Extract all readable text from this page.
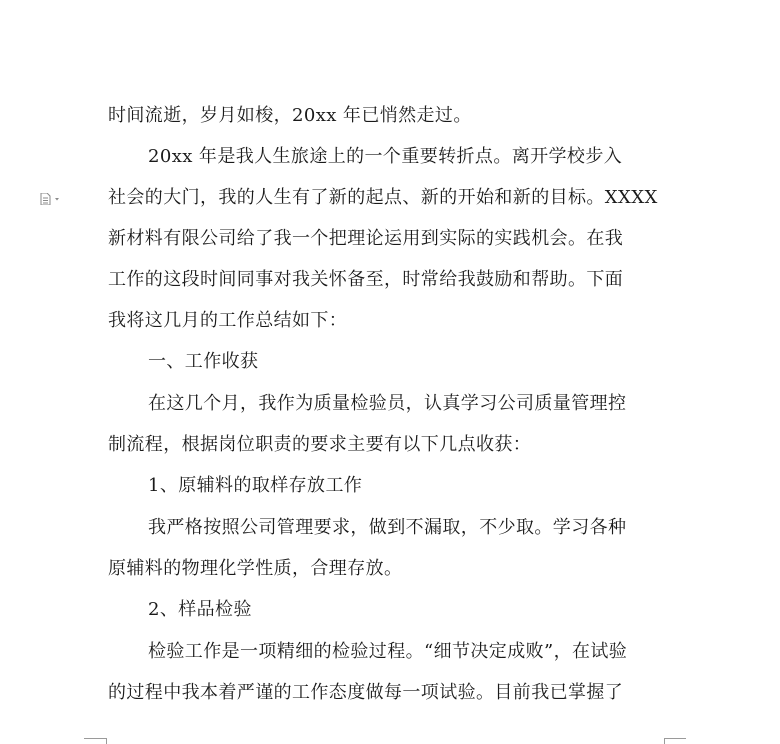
时间流逝，岁月如梭，20xx 年已悄然走过。
20xx 年是我人生旅途上的一个重要转折点。离开学校步入
社会的大门，我的人生有了新的起点、新的开始和新的目标。XXXX
新材料有限公司给了我一个把理论运用到实际的实践机会。在我
工作的这段时间同事对我关怀备至，时常给我鼓励和帮助。下面
我将这几月的工作总结如下：
一、工作收获
在这几个月，我作为质量检验员，认真学习公司质量管理控
制流程，根据岗位职责的要求主要有以下几点收获：
1、原辅料的取样存放工作
我严格按照公司管理要求，做到不漏取，不少取。学习各种
原辅料的物理化学性质，合理存放。
2、样品检验
检验工作是一项精细的检验过程。“细节决定成败”，在试验
的过程中我本着严谨的工作态度做每一项试验。目前我已掌握了
